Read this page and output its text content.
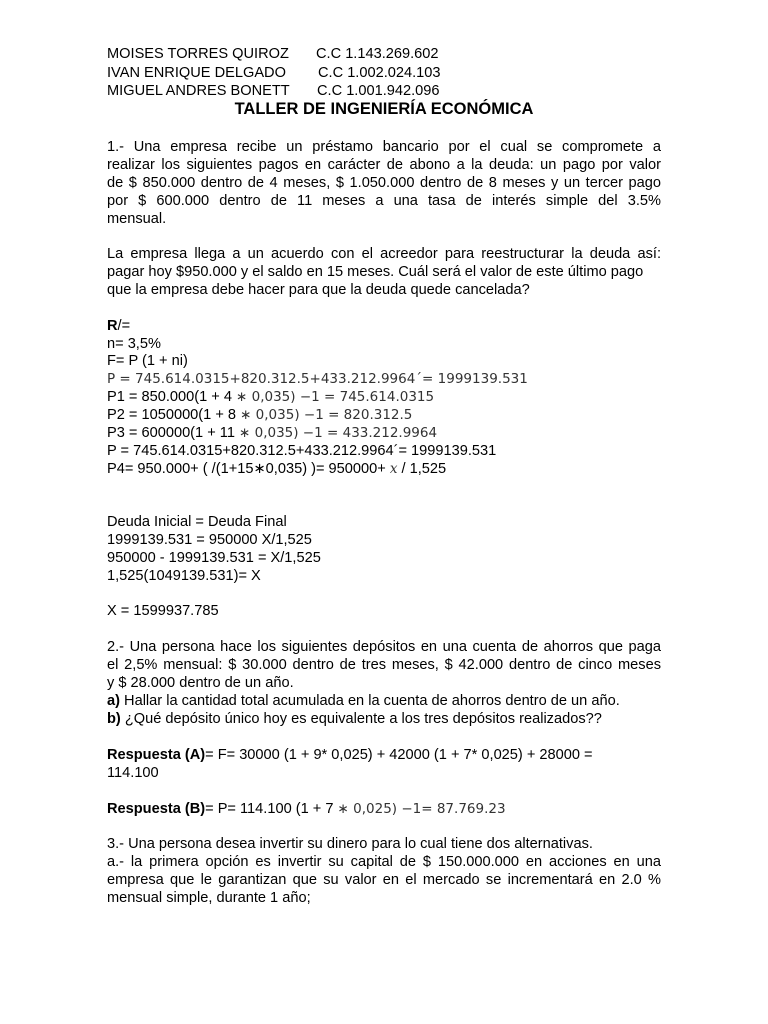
MOISES TORRES QUIROZ C.C 1.143.269.602
IVAN ENRIQUE DELGADO C.C 1.002.024.103
MIGUEL ANDRES BONETT C.C 1.001.942.096
TALLER DE INGENIERÍA ECONÓMICA
1.- Una empresa recibe un préstamo bancario por el cual se compromete a
realizar los siguientes pagos en carácter de abono a la deuda: un pago por valor
de $ 850.000 dentro de 4 meses, $ 1.050.000 dentro de 8 meses y un tercer pago
por $ 600.000 dentro de 11 meses a una tasa de interés simple del 3.5%
mensual.
La empresa llega a un acuerdo con el acreedor para reestructurar la deuda así:
pagar hoy $950.000 y el saldo en 15 meses. Cuál será el valor de este último pago
que la empresa debe hacer para que la deuda quede cancelada?
R/=
n= 3,5%
F= P (1 + ni)
P = 745.614.0315+820.312.5+433.212.9964´= 1999139.531
P1 = 850.000(1 + 4 ∗ 0,035) −1 = 745.614.0315
P2 = 1050000(1 + 8 ∗ 0,035) −1 = 820.312.5
P3 = 600000(1 + 11 ∗ 0,035) −1 = 433.212.9964
P = 745.614.0315+820.312.5+433.212.9964´= 1999139.531
P4= 950.000+ ( /(1+15∗0,035) )= 950000+ x / 1,525
Deuda Inicial = Deuda Final
1999139.531 = 950000 X/1,525
950000 - 1999139.531 = X/1,525
1,525(1049139.531)= X
X = 1599937.785
2.- Una persona hace los siguientes depósitos en una cuenta de ahorros que paga
el 2,5% mensual: $ 30.000 dentro de tres meses, $ 42.000 dentro de cinco meses
y $ 28.000 dentro de un año.
a) Hallar la cantidad total acumulada en la cuenta de ahorros dentro de un año.
b) ¿Qué depósito único hoy es equivalente a los tres depósitos realizados??
Respuesta (A)= F= 30000 (1 + 9* 0,025) + 42000 (1 + 7* 0,025) + 28000 =
114.100
Respuesta (B)= P= 114.100 (1 + 7 ∗ 0,025) −1= 87.769.23
3.- Una persona desea invertir su dinero para lo cual tiene dos alternativas.
a.- la primera opción es invertir su capital de $ 150.000.000 en acciones en una
empresa que le garantizan que su valor en el mercado se incrementará en 2.0 %
mensual simple, durante 1 año;
